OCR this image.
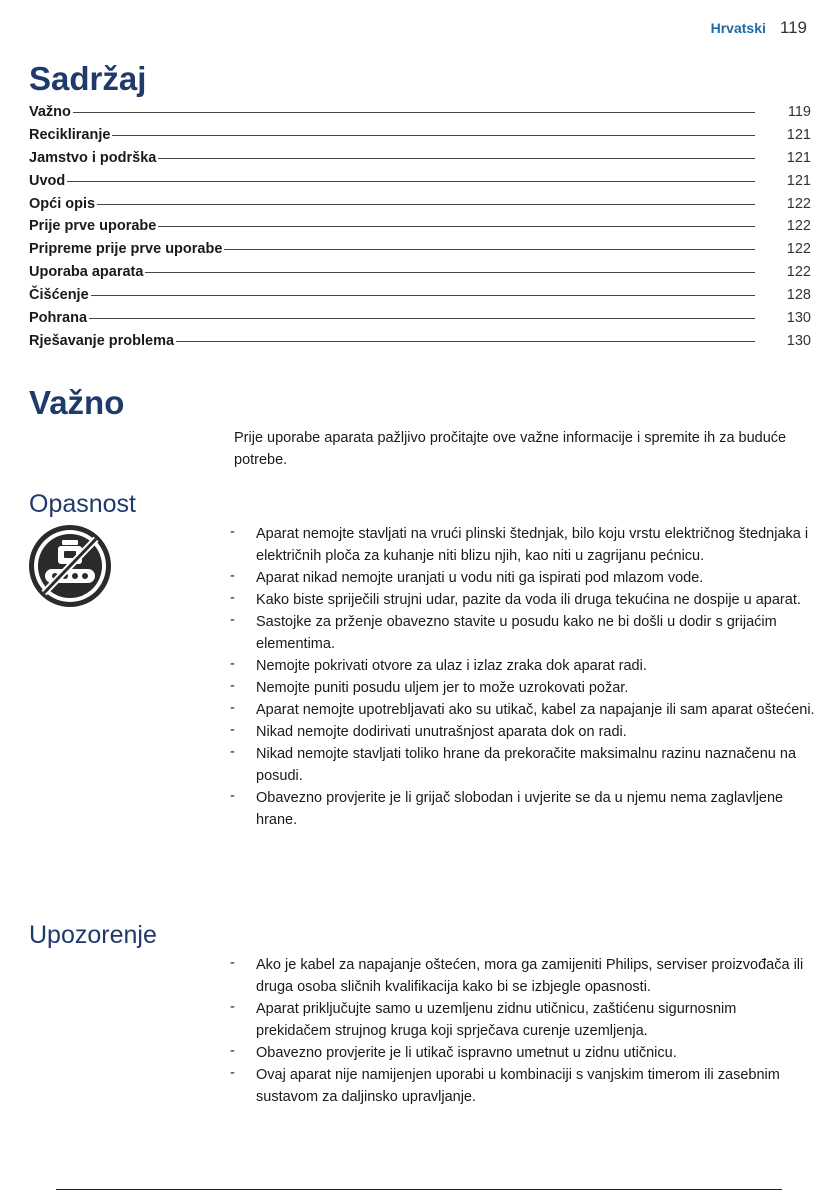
Hrvatski 119
Sadržaj
Važno	119
Recikliranje	121
Jamstvo i podrška	121
Uvod	121
Opći opis	122
Prije prve uporabe	122
Pripreme prije prve uporabe	122
Uporaba aparata	122
Čišćenje	128
Pohrana	130
Rješavanje problema	130
Važno

Prije uporabe aparata pažljivo pročitajte ove važne informacije i spremite ih za buduće potrebe.

Opasnost
- Aparat nemojte stavljati na vrući plinski štednjak, bilo koju vrstu električnog štednjaka i električnih ploča za kuhanje niti blizu njih, kao niti u zagrijanu pećnicu.
- Aparat nikad nemojte uranjati u vodu niti ga ispirati pod mlazom vode.
- Kako biste spriječili strujni udar, pazite da voda ili druga tekućina ne dospije u aparat.
- Sastojke za prženje obavezno stavite u posudu kako ne bi došli u dodir s grijaćim elementima.
- Nemojte pokrivati otvore za ulaz i izlaz zraka dok aparat radi.
- Nemojte puniti posudu uljem jer to može uzrokovati požar.
- Aparat nemojte upotrebljavati ako su utikač, kabel za napajanje ili sam aparat oštećeni.
- Nikad nemojte dodirivati unutrašnjost aparata dok on radi.
- Nikad nemojte stavljati toliko hrane da prekoračite maksimalnu razinu naznačenu na posudi.
- Obavezno provjerite je li grijač slobodan i uvjerite se da u njemu nema zaglavljene hrane.
Upozorenje
- Ako je kabel za napajanje oštećen, mora ga zamijeniti Philips, serviser proizvođača ili druga osoba sličnih kvalifikacija kako bi se izbjegle opasnosti.
- Aparat priključujte samo u uzemljenu zidnu utičnicu, zaštićenu sigurnosnim prekidačem strujnog kruga koji sprječava curenje uzemljenja.
- Obavezno provjerite je li utikač ispravno umetnut u zidnu utičnicu.
- Ovaj aparat nije namijenjen uporabi u kombinaciji s vanjskim timerom ili zasebnim sustavom za daljinsko upravljanje.
